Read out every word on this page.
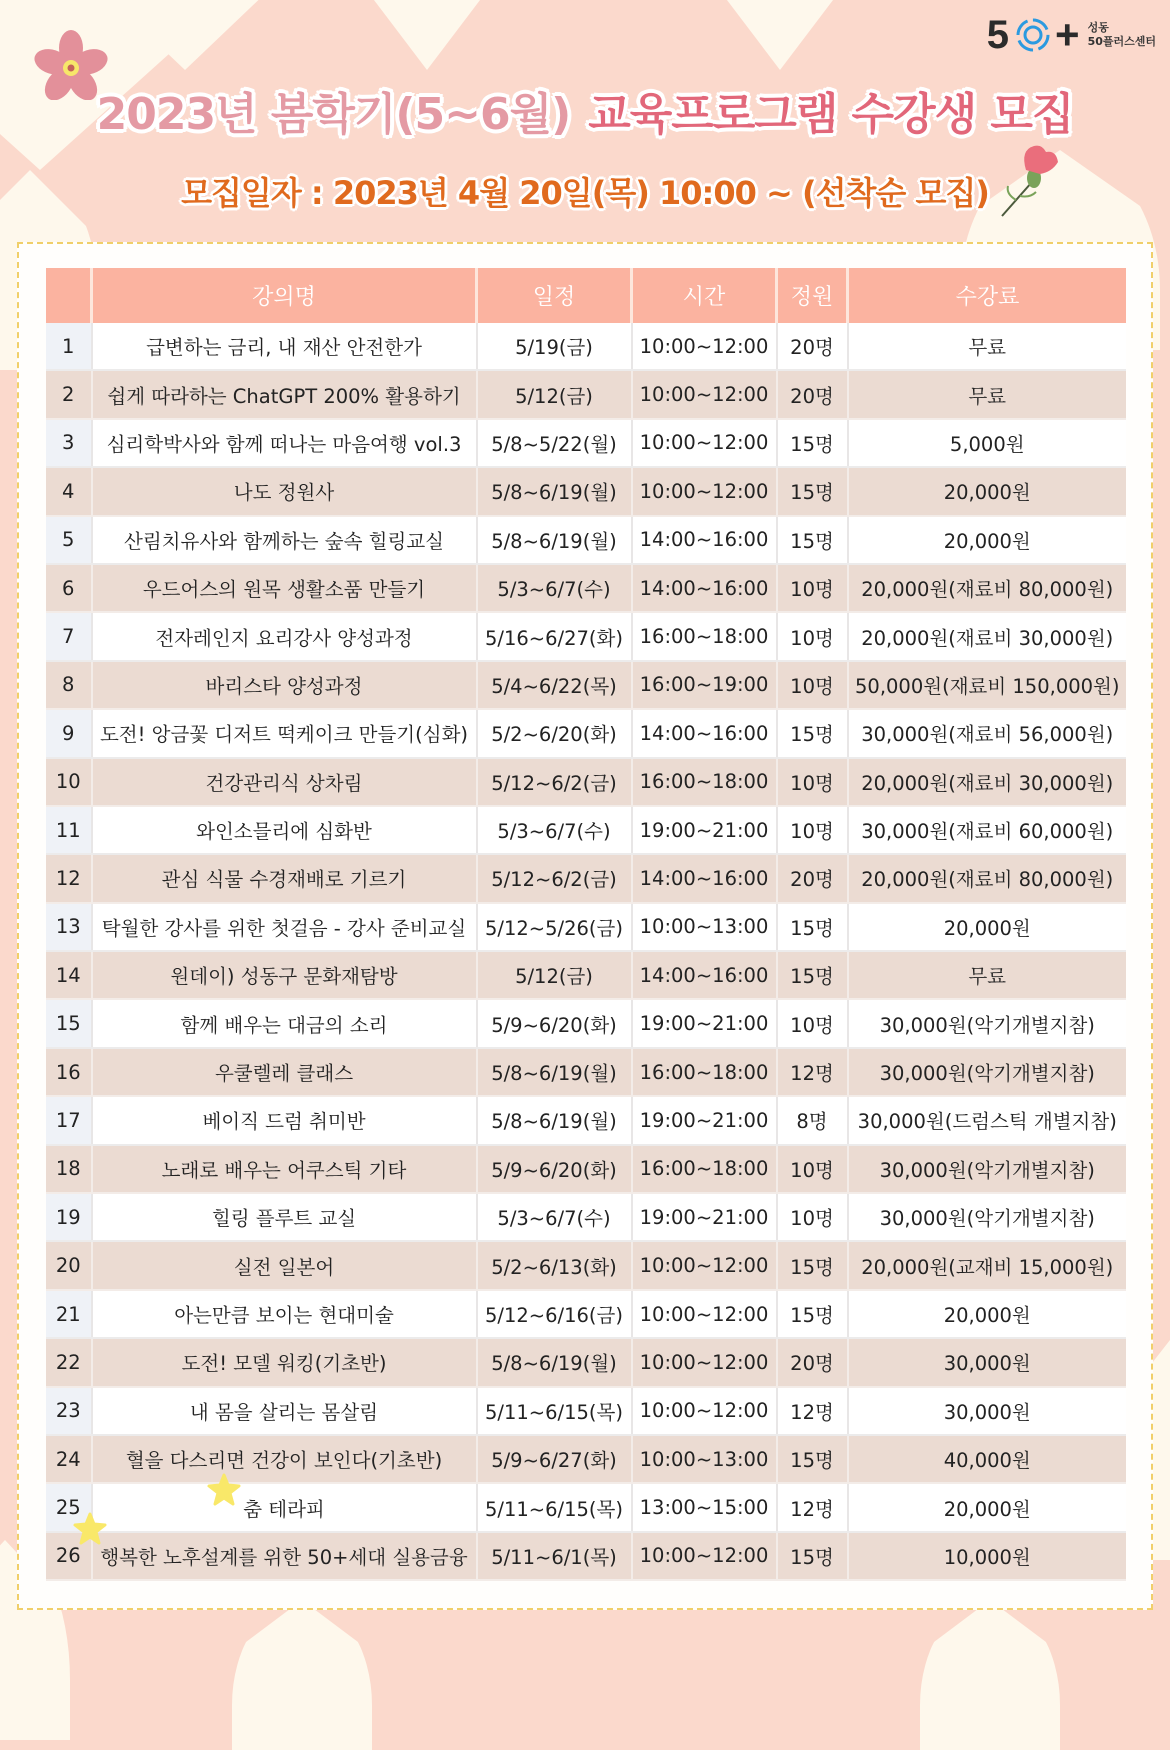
5 + 성동
50플러스센터
2023년 봄학기(5~6월) 교육프로그램 수강생 모집
모집일자 : 2023년 4월 20일(목) 10:00 ~ (선착순 모집)
	강의명	일정	시간	정원	수강료
1	급변하는 금리, 내 재산 안전한가	5/19(금)	10:00~12:00	20명	무료
2	쉽게 따라하는 ChatGPT 200% 활용하기	5/12(금)	10:00~12:00	20명	무료
3	심리학박사와 함께 떠나는 마음여행 vol.3	5/8~5/22(월)	10:00~12:00	15명	5,000원
4	나도 정원사	5/8~6/19(월)	10:00~12:00	15명	20,000원
5	산림치유사와 함께하는 숲속 힐링교실	5/8~6/19(월)	14:00~16:00	15명	20,000원
6	우드어스의 원목 생활소품 만들기	5/3~6/7(수)	14:00~16:00	10명	20,000원(재료비 80,000원)
7	전자레인지 요리강사 양성과정	5/16~6/27(화)	16:00~18:00	10명	20,000원(재료비 30,000원)
8	바리스타 양성과정	5/4~6/22(목)	16:00~19:00	10명	50,000원(재료비 150,000원)
9	도전! 앙금꽃 디저트 떡케이크 만들기(심화)	5/2~6/20(화)	14:00~16:00	15명	30,000원(재료비 56,000원)
10	건강관리식 상차림	5/12~6/2(금)	16:00~18:00	10명	20,000원(재료비 30,000원)
11	와인소믈리에 심화반	5/3~6/7(수)	19:00~21:00	10명	30,000원(재료비 60,000원)
12	관심 식물 수경재배로 기르기	5/12~6/2(금)	14:00~16:00	20명	20,000원(재료비 80,000원)
13	탁월한 강사를 위한 첫걸음 - 강사 준비교실	5/12~5/26(금)	10:00~13:00	15명	20,000원
14	원데이) 성동구 문화재탐방	5/12(금)	14:00~16:00	15명	무료
15	함께 배우는 대금의 소리	5/9~6/20(화)	19:00~21:00	10명	30,000원(악기개별지참)
16	우쿨렐레 클래스	5/8~6/19(월)	16:00~18:00	12명	30,000원(악기개별지참)
17	베이직 드럼 취미반	5/8~6/19(월)	19:00~21:00	8명	30,000원(드럼스틱 개별지참)
18	노래로 배우는 어쿠스틱 기타	5/9~6/20(화)	16:00~18:00	10명	30,000원(악기개별지참)
19	힐링 플루트 교실	5/3~6/7(수)	19:00~21:00	10명	30,000원(악기개별지참)
20	실전 일본어	5/2~6/13(화)	10:00~12:00	15명	20,000원(교재비 15,000원)
21	아는만큼 보이는 현대미술	5/12~6/16(금)	10:00~12:00	15명	20,000원
22	도전! 모델 워킹(기초반)	5/8~6/19(월)	10:00~12:00	20명	30,000원
23	내 몸을 살리는 몸살림	5/11~6/15(목)	10:00~12:00	12명	30,000원
24	혈을 다스리면 건강이 보인다(기초반)	5/9~6/27(화)	10:00~13:00	15명	40,000원
25	춤 테라피	5/11~6/15(목)	13:00~15:00	12명	20,000원
26	행복한 노후설계를 위한 50+세대 실용금융	5/11~6/1(목)	10:00~12:00	15명	10,000원
